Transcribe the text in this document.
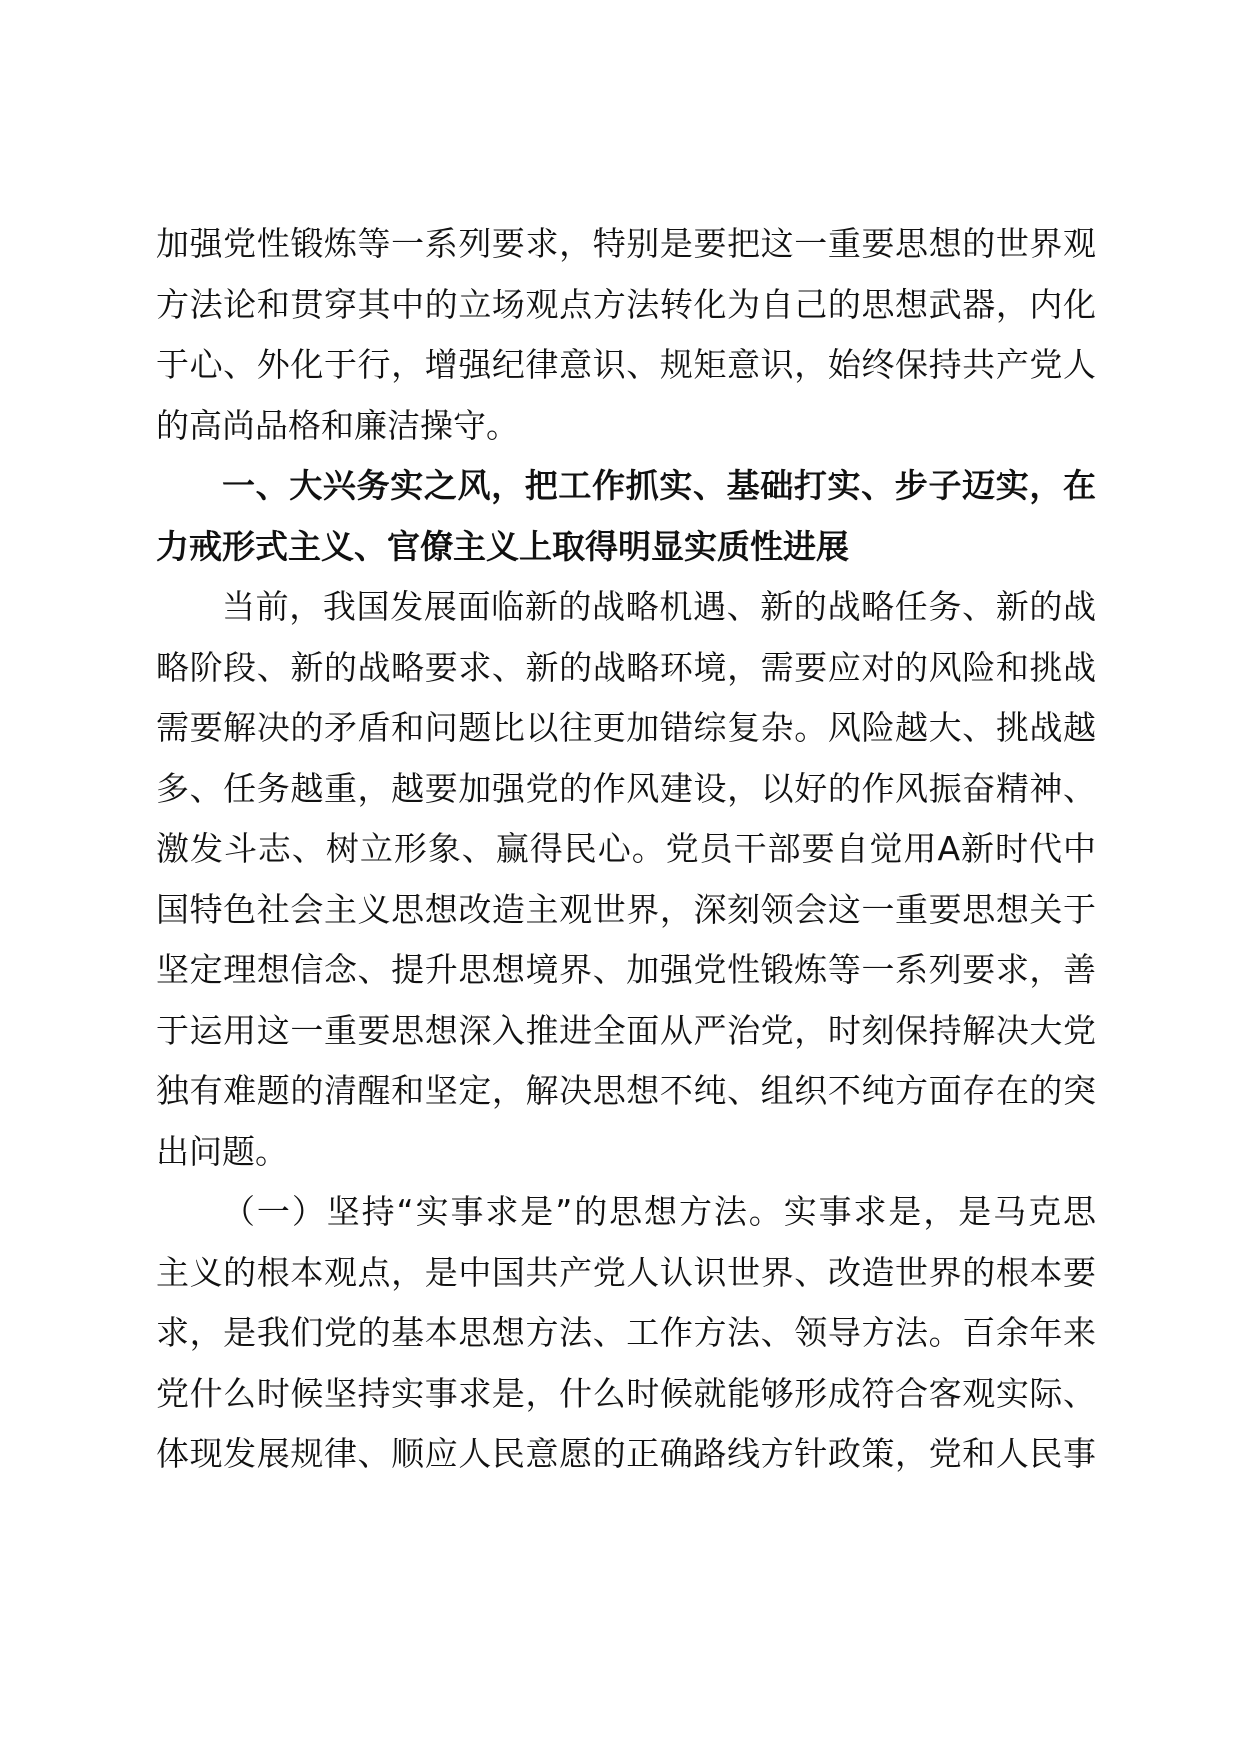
加强党性锻炼等一系列要求，特别是要把这一重要思想的世界观
方法论和贯穿其中的立场观点方法转化为自己的思想武器，内化
于心、外化于行，增强纪律意识、规矩意识，始终保持共产党人
的高尚品格和廉洁操守。
一、大兴务实之风，把工作抓实、基础打实、步子迈实，在
力戒形式主义、官僚主义上取得明显实质性进展
当前，我国发展面临新的战略机遇、新的战略任务、新的战
略阶段、新的战略要求、新的战略环境，需要应对的风险和挑战
需要解决的矛盾和问题比以往更加错综复杂。风险越大、挑战越
多、任务越重，越要加强党的作风建设，以好的作风振奋精神、
激发斗志、树立形象、赢得民心。党员干部要自觉用A新时代中
国特色社会主义思想改造主观世界，深刻领会这一重要思想关于
坚定理想信念、提升思想境界、加强党性锻炼等一系列要求，善
于运用这一重要思想深入推进全面从严治党，时刻保持解决大党
独有难题的清醒和坚定，解决思想不纯、组织不纯方面存在的突
出问题。
（一）坚持“实事求是”的思想方法。实事求是，是马克思
主义的根本观点，是中国共产党人认识世界、改造世界的根本要
求，是我们党的基本思想方法、工作方法、领导方法。百余年来
党什么时候坚持实事求是，什么时候就能够形成符合客观实际、
体现发展规律、顺应人民意愿的正确路线方针政策，党和人民事
